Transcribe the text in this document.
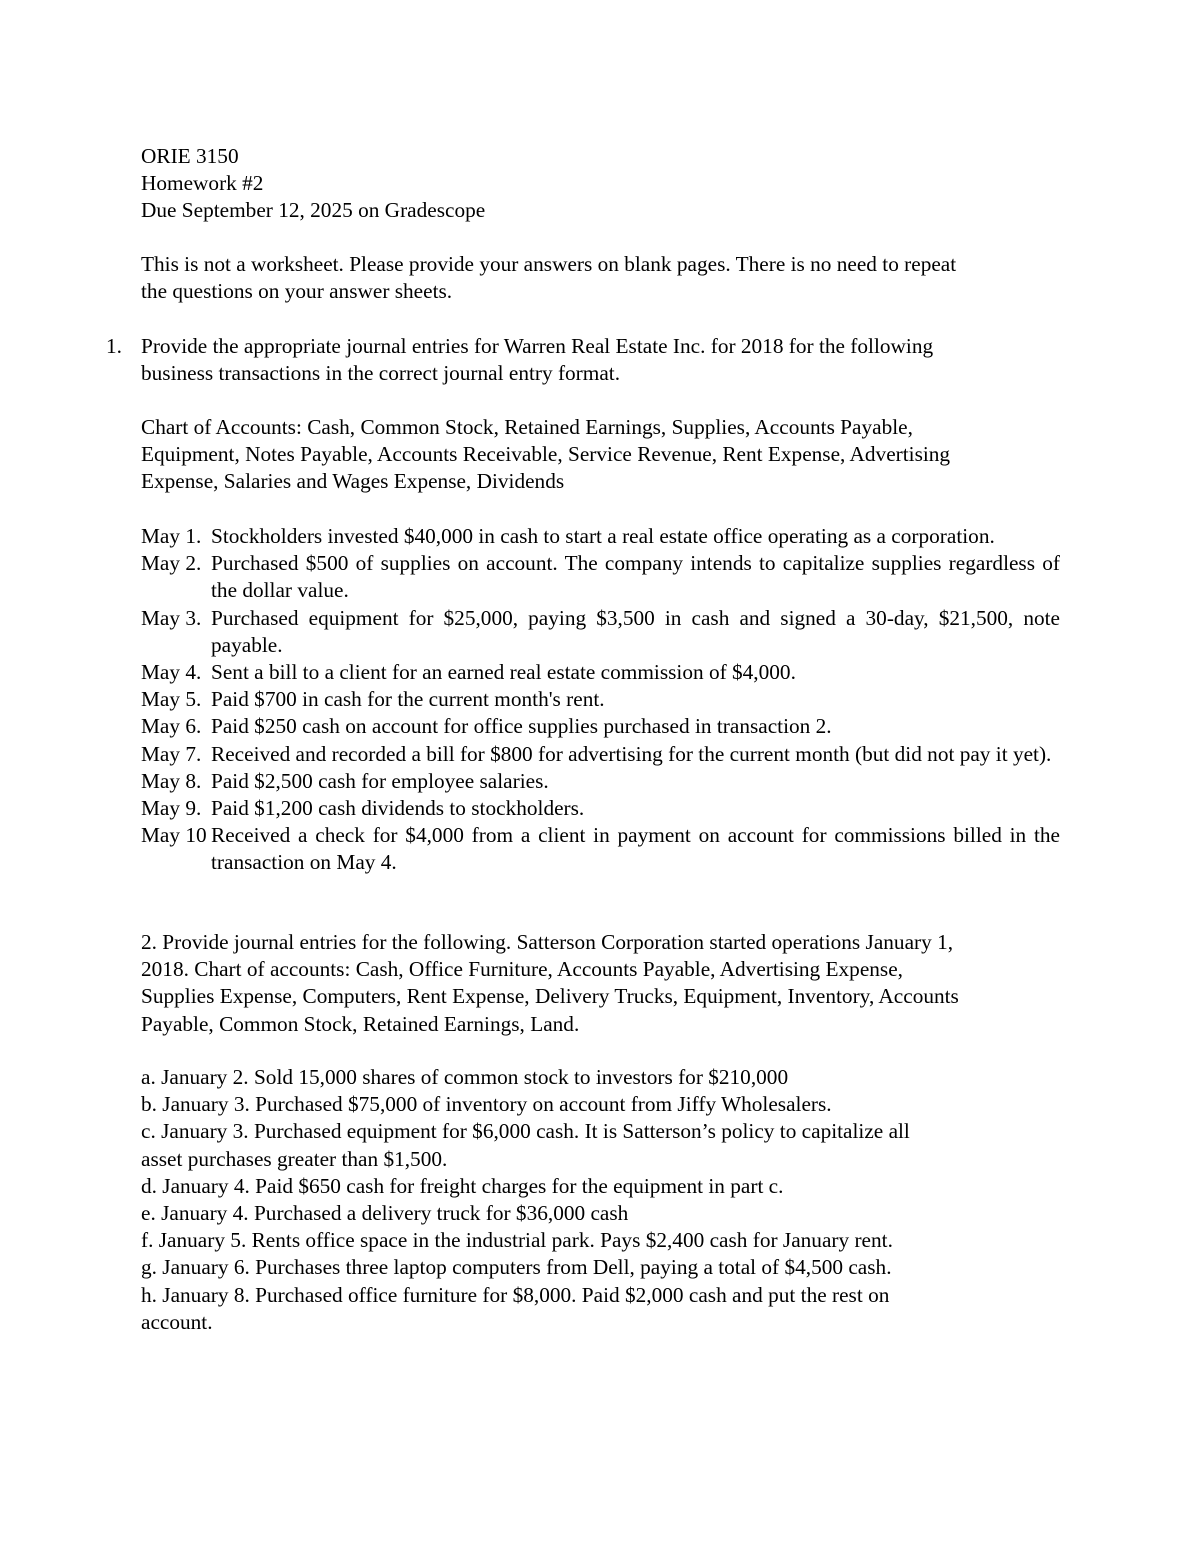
ORIE 3150
Homework #2
Due September 12, 2025 on Gradescope
This is not a worksheet. Please provide your answers on blank pages. There is no need to repeat
the questions on your answer sheets.
1. Provide the appropriate journal entries for Warren Real Estate Inc. for 2018 for the following
business transactions in the correct journal entry format.
Chart of Accounts: Cash, Common Stock, Retained Earnings, Supplies, Accounts Payable,
Equipment, Notes Payable, Accounts Receivable, Service Revenue, Rent Expense, Advertising
Expense, Salaries and Wages Expense, Dividends
May 1. Stockholders invested $40,000 in cash to start a real estate office operating as a corporation.
May 2. Purchased $500 of supplies on account. The company intends to capitalize supplies regardless of the dollar value.
May 3. Purchased equipment for $25,000, paying $3,500 in cash and signed a 30-day, $21,500, note payable.
May 4. Sent a bill to a client for an earned real estate commission of $4,000.
May 5. Paid $700 in cash for the current month's rent.
May 6. Paid $250 cash on account for office supplies purchased in transaction 2.
May 7. Received and recorded a bill for $800 for advertising for the current month (but did not pay it yet).
May 8. Paid $2,500 cash for employee salaries.
May 9. Paid $1,200 cash dividends to stockholders.
May 10 Received a check for $4,000 from a client in payment on account for commissions billed in the transaction on May 4.
2. Provide journal entries for the following. Satterson Corporation started operations January 1,
2018. Chart of accounts: Cash, Office Furniture, Accounts Payable, Advertising Expense,
Supplies Expense, Computers, Rent Expense, Delivery Trucks, Equipment, Inventory, Accounts
Payable, Common Stock, Retained Earnings, Land.
a. January 2. Sold 15,000 shares of common stock to investors for $210,000
b. January 3. Purchased $75,000 of inventory on account from Jiffy Wholesalers.
c. January 3. Purchased equipment for $6,000 cash. It is Satterson’s policy to capitalize all
asset purchases greater than $1,500.
d. January 4. Paid $650 cash for freight charges for the equipment in part c.
e. January 4. Purchased a delivery truck for $36,000 cash
f. January 5. Rents office space in the industrial park. Pays $2,400 cash for January rent.
g. January 6. Purchases three laptop computers from Dell, paying a total of $4,500 cash.
h. January 8. Purchased office furniture for $8,000. Paid $2,000 cash and put the rest on
account.
